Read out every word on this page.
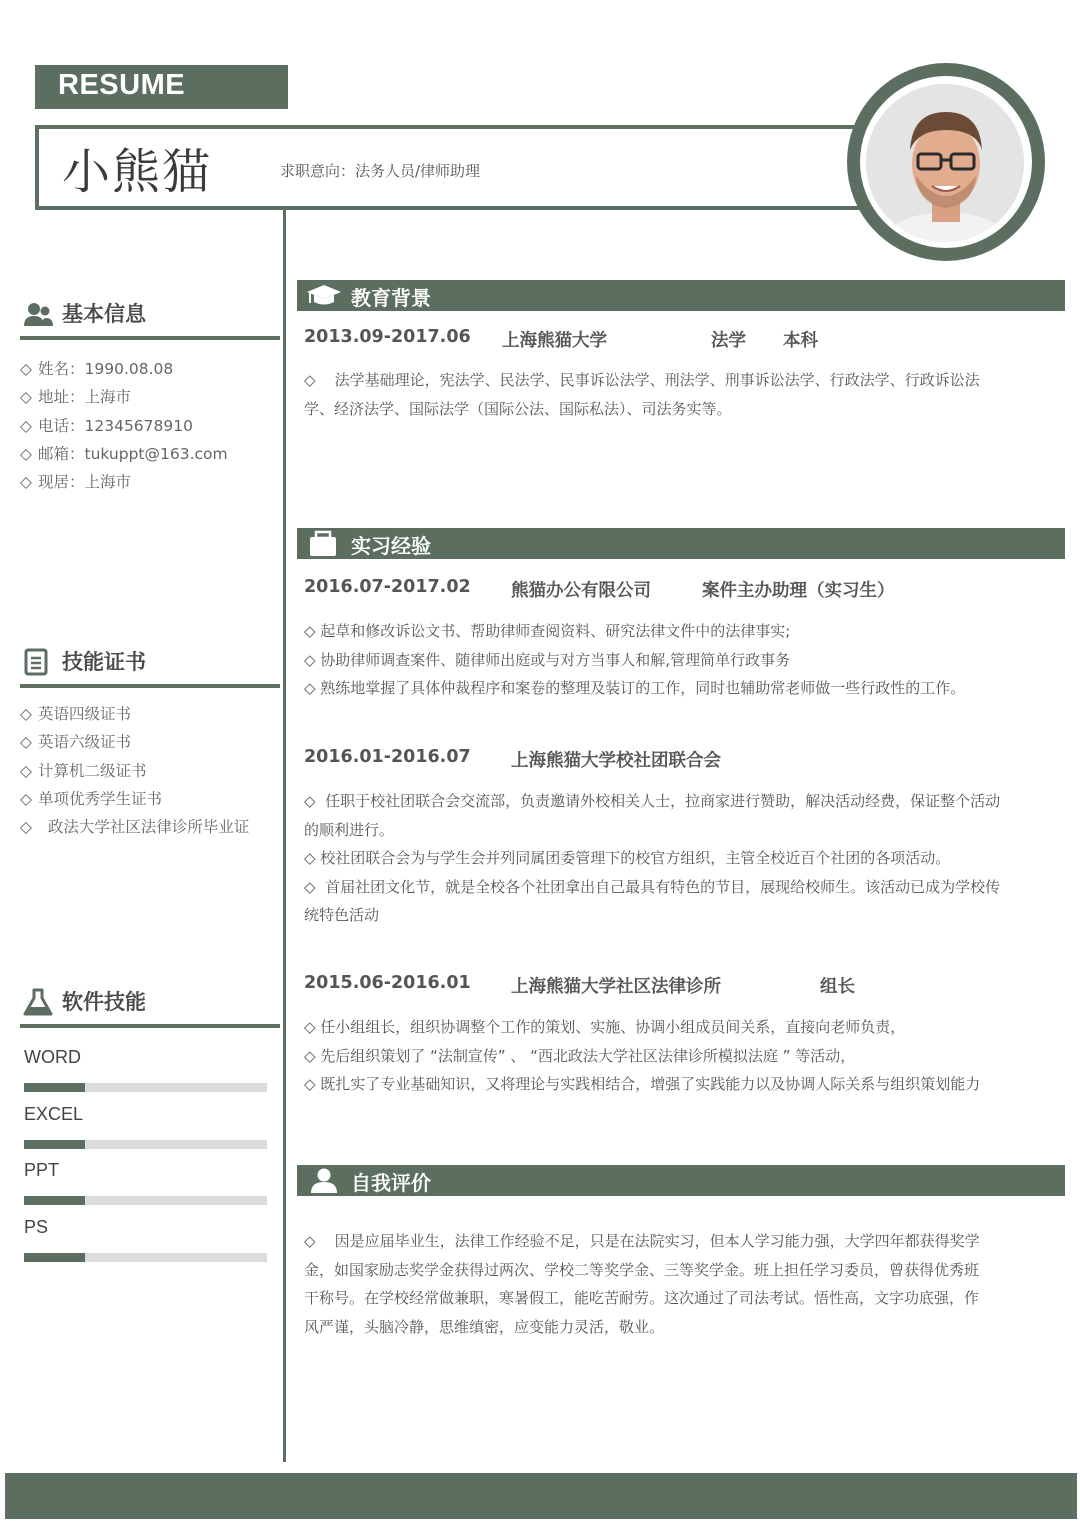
RESUME
小熊猫	求职意向：法务人员/律师助理
基本信息
◇ 姓名：1990.08.08
◇ 地址：上海市
◇ 电话：12345678910
◇ 邮箱：tukuppt@163.com
◇ 现居：上海市
技能证书
◇ 英语四级证书
◇ 英语六级证书
◇ 计算机二级证书
◇ 单项优秀学生证书
◇  政法大学社区法律诊所毕业证
软件技能
WORD
EXCEL
PPT
PS
教育背景
2013.09-2017.06 上海熊猫大学	法学 本科

◇    法学基础理论，宪法学、民法学、民事诉讼法学、刑法学、刑事诉讼法学、行政法学、行政诉讼法

学、经济法学、国际法学（国际公法、国际私法）、司法务实等。

实习经验
2016.07-2017.02 熊猫办公有限公司	案件主办助理（实习生）

◇ 起草和修改诉讼文书、帮助律师查阅资料、研究法律文件中的法律事实;

◇ 协助律师调查案件、随律师出庭或与对方当事人和解,管理简单行政事务

◇ 熟练地掌握了具体仲裁程序和案卷的整理及装订的工作，同时也辅助常老师做一些行政性的工作。

2016.01-2016.07 上海熊猫大学校社团联合会

◇  任职于校社团联合会交流部，负责邀请外校相关人士，拉商家进行赞助，解决活动经费，保证整个活动

的顺利进行。

◇ 校社团联合会为与学生会并列同属团委管理下的校官方组织，主管全校近百个社团的各项活动。

◇  首届社团文化节，就是全校各个社团拿出自己最具有特色的节目，展现给校师生。该活动已成为学校传

统特色活动

2015.06-2016.01 上海熊猫大学社区法律诊所	组长

◇ 任小组组长，组织协调整个工作的策划、实施、协调小组成员间关系，直接向老师负责，

◇ 先后组织策划了 “法制宣传” 、 “西北政法大学社区法律诊所模拟法庭 ” 等活动，

◇ 既扎实了专业基础知识，又将理论与实践相结合，增强了实践能力以及协调人际关系与组织策划能力

自我评价

◇    因是应届毕业生，法律工作经验不足，只是在法院实习，但本人学习能力强，大学四年都获得奖学

金，如国家励志奖学金获得过两次、学校二等奖学金、三等奖学金。班上担任学习委员，曾获得优秀班

干称号。在学校经常做兼职，寒暑假工，能吃苦耐劳。这次通过了司法考试。悟性高，文字功底强，作

风严谨，头脑冷静，思维缜密，应变能力灵活，敬业。
